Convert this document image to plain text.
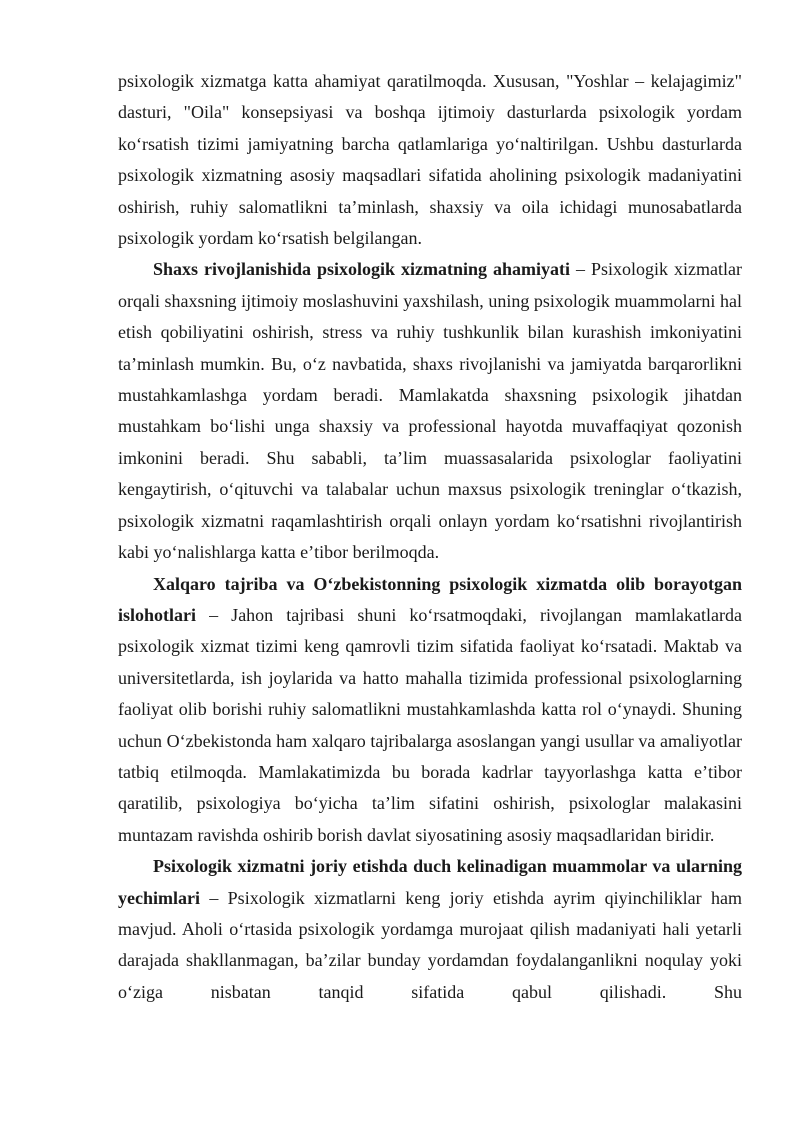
psixologik xizmatga katta ahamiyat qaratilmoqda. Xususan, "Yoshlar – kelajagimiz" dasturi, "Oila" konsepsiyasi va boshqa ijtimoiy dasturlarda psixologik yordam koʻrsatish tizimi jamiyatning barcha qatlamlariga yoʻnaltirilgan. Ushbu dasturlarda psixologik xizmatning asosiy maqsadlari sifatida aholining psixologik madaniyatini oshirish, ruhiy salomatlikni taʼminlash, shaxsiy va oila ichidagi munosabatlarda psixologik yordam koʻrsatish belgilangan.

Shaxs rivojlanishida psixologik xizmatning ahamiyati – Psixologik xizmatlar orqali shaxsning ijtimoiy moslashuvini yaxshilash, uning psixologik muammolarni hal etish qobiliyatini oshirish, stress va ruhiy tushkunlik bilan kurashish imkoniyatini taʼminlash mumkin. Bu, oʻz navbatida, shaxs rivojlanishi va jamiyatda barqarorlikni mustahkamlashga yordam beradi. Mamlakatda shaxsning psixologik jihatdan mustahkam boʻlishi unga shaxsiy va professional hayotda muvaffaqiyat qozonish imkonini beradi. Shu sababli, taʼlim muassasalarida psixologlar faoliyatini kengaytirish, oʻqituvchi va talabalar uchun maxsus psixologik treninglar oʻtkazish, psixologik xizmatni raqamlashtirish orqali onlayn yordam koʻrsatishni rivojlantirish kabi yoʻnalishlarga katta eʼtibor berilmoqda.

Xalqaro tajriba va Oʻzbekistonning psixologik xizmatda olib borayotgan islohotlari – Jahon tajribasi shuni koʻrsatmoqdaki, rivojlangan mamlakatlarda psixologik xizmat tizimi keng qamrovli tizim sifatida faoliyat koʻrsatadi. Maktab va universitetlarda, ish joylarida va hatto mahalla tizimida professional psixologlarning faoliyat olib borishi ruhiy salomatlikni mustahkamlashda katta rol oʻynaydi. Shuning uchun Oʻzbekistonda ham xalqaro tajribalarga asoslangan yangi usullar va amaliyotlar tatbiq etilmoqda. Mamlakatimizda bu borada kadrlar tayyorlashga katta eʼtibor qaratilib, psixologiya boʻyicha taʼlim sifatini oshirish, psixologlar malakasini muntazam ravishda oshirib borish davlat siyosatining asosiy maqsadlaridan biridir.

Psixologik xizmatni joriy etishda duch kelinadigan muammolar va ularning yechimlari – Psixologik xizmatlarni keng joriy etishda ayrim qiyinchiliklar ham mavjud. Aholi oʻrtasida psixologik yordamga murojaat qilish madaniyati hali yetarli darajada shakllanmagan, baʼzilar bunday yordamdan foydalanganlikni noqulay yoki oʻziga nisbatan tanqid sifatida qabul qilishadi. Shu
